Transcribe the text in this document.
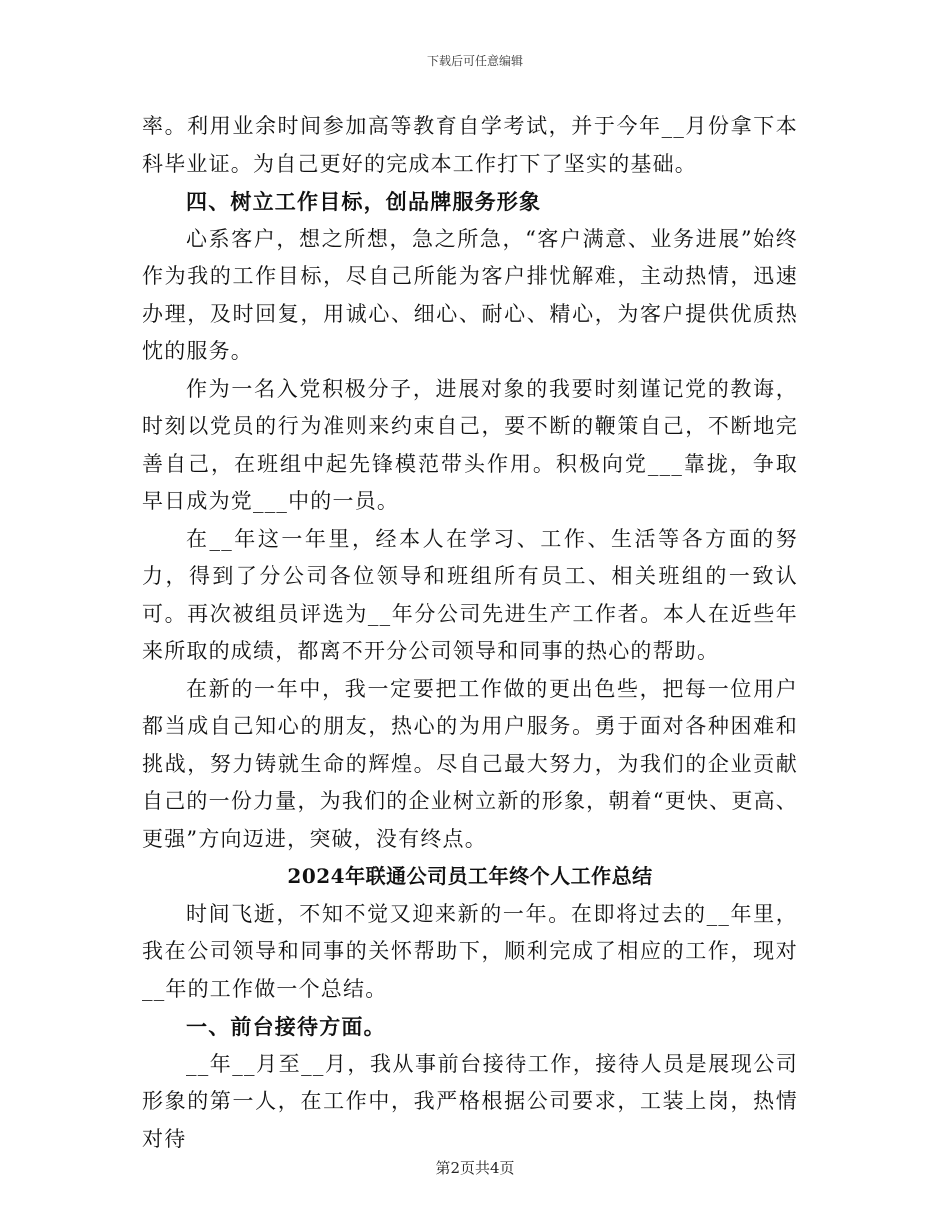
下载后可任意编辑

率。利用业余时间参加高等教育自学考试，并于今年__月份拿下本科毕业证。为自己更好的完成本工作打下了坚实的基础。

四、树立工作目标，创品牌服务形象

心系客户，想之所想，急之所急，“客户满意、业务进展”始终作为我的工作目标，尽自己所能为客户排忧解难，主动热情，迅速办理，及时回复，用诚心、细心、耐心、精心，为客户提供优质热忱的服务。

作为一名入党积极分子，进展对象的我要时刻谨记党的教诲，时刻以党员的行为准则来约束自己，要不断的鞭策自己，不断地完善自己，在班组中起先锋模范带头作用。积极向党___靠拢，争取早日成为党___中的一员。

在__年这一年里，经本人在学习、工作、生活等各方面的努力，得到了分公司各位领导和班组所有员工、相关班组的一致认可。再次被组员评选为__年分公司先进生产工作者。本人在近些年来所取的成绩，都离不开分公司领导和同事的热心的帮助。

在新的一年中，我一定要把工作做的更出色些，把每一位用户都当成自己知心的朋友，热心的为用户服务。勇于面对各种困难和挑战，努力铸就生命的辉煌。尽自己最大努力，为我们的企业贡献自己的一份力量，为我们的企业树立新的形象，朝着“更快、更高、更强”方向迈进，突破，没有终点。

2024年联通公司员工年终个人工作总结

时间飞逝，不知不觉又迎来新的一年。在即将过去的__年里，我在公司领导和同事的关怀帮助下，顺利完成了相应的工作，现对__年的工作做一个总结。

一、前台接待方面。

__年__月至__月，我从事前台接待工作，接待人员是展现公司形象的第一人，在工作中，我严格根据公司要求，工装上岗，热情对待

第2页共4页
